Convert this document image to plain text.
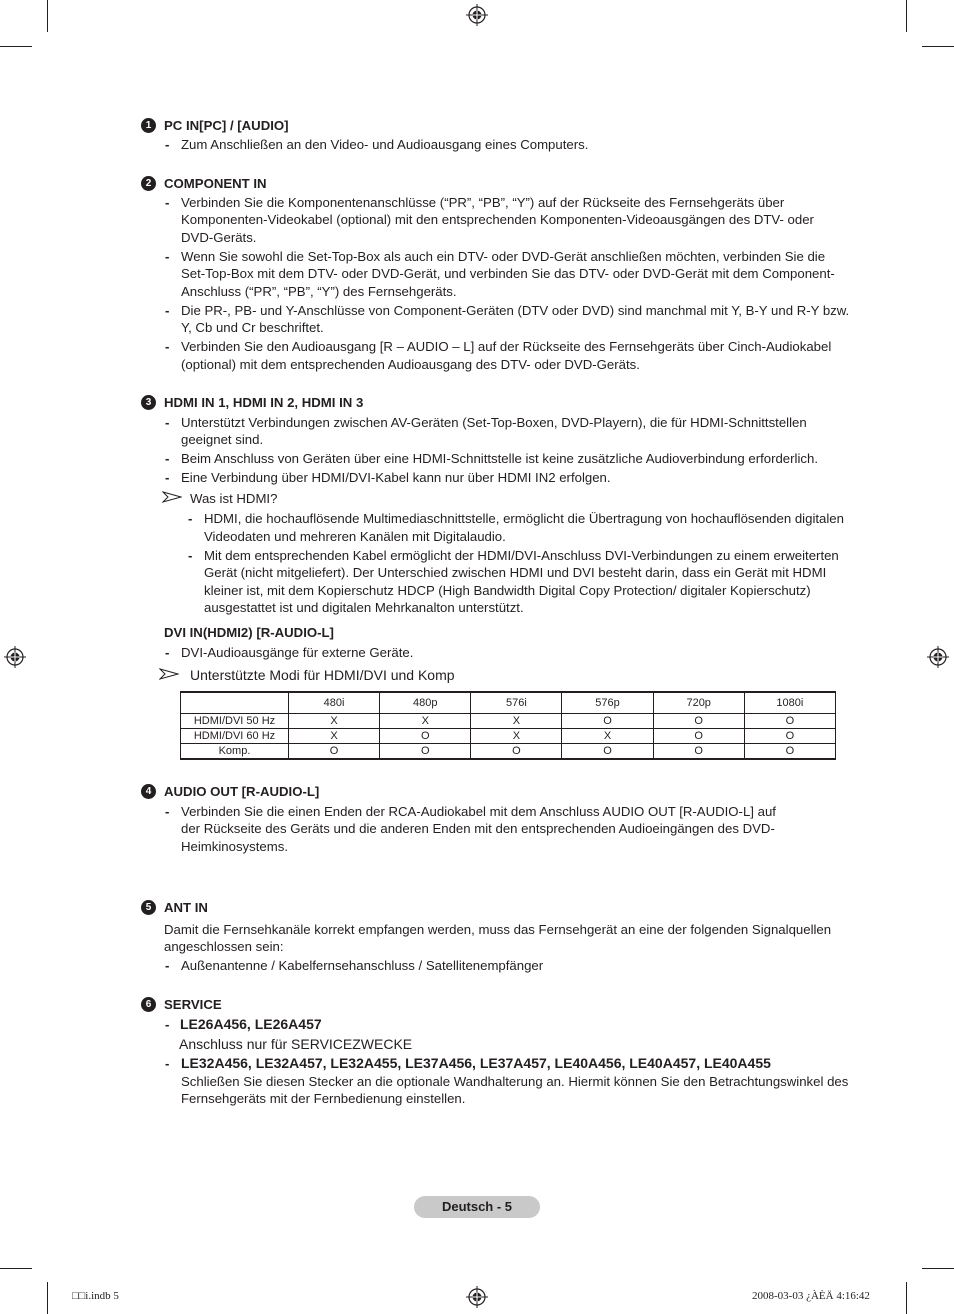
1 PC IN[PC] / [AUDIO]
- Zum Anschließen an den Video- und Audioausgang eines Computers.
2 COMPONENT IN
- Verbinden Sie die Komponentenanschlüsse (“PR”, “PB”, “Y”) auf der Rückseite des Fernsehgeräts über
Komponenten-Videokabel (optional) mit den entsprechenden Komponenten-Videoausgängen des DTV- oder
DVD-Geräts.
- Wenn Sie sowohl die Set-Top-Box als auch ein DTV- oder DVD-Gerät anschließen möchten, verbinden Sie die
Set-Top-Box mit dem DTV- oder DVD-Gerät, und verbinden Sie das DTV- oder DVD-Gerät mit dem Component-
Anschluss (“PR”, “PB”, “Y”) des Fernsehgeräts.
- Die PR-, PB- und Y-Anschlüsse von Component-Geräten (DTV oder DVD) sind manchmal mit Y, B-Y und R-Y bzw.
Y, Cb und Cr beschriftet.
- Verbinden Sie den Audioausgang [R – AUDIO – L] auf der Rückseite des Fernsehgeräts über Cinch-Audiokabel
(optional) mit dem entsprechenden Audioausgang des DTV- oder DVD-Geräts.
3 HDMI IN 1, HDMI IN 2, HDMI IN 3
- Unterstützt Verbindungen zwischen AV-Geräten (Set-Top-Boxen, DVD-Playern), die für HDMI-Schnittstellen
geeignet sind.
- Beim Anschluss von Geräten über eine HDMI-Schnittstelle ist keine zusätzliche Audioverbindung erforderlich.
- Eine Verbindung über HDMI/DVI-Kabel kann nur über HDMI IN2 erfolgen.
Was ist HDMI?
- HDMI, die hochauflösende Multimediaschnittstelle, ermöglicht die Übertragung von hochauflösenden digitalen
Videodaten und mehreren Kanälen mit Digitalaudio.
- Mit dem entsprechenden Kabel ermöglicht der HDMI/DVI-Anschluss DVI-Verbindungen zu einem erweiterten
Gerät (nicht mitgeliefert). Der Unterschied zwischen HDMI und DVI besteht darin, dass ein Gerät mit HDMI
kleiner ist, mit dem Kopierschutz HDCP (High Bandwidth Digital Copy Protection/ digitaler Kopierschutz)
ausgestattet ist und digitalen Mehrkanalton unterstützt.
DVI IN(HDMI2) [R-AUDIO-L]
- DVI-Audioausgänge für externe Geräte.
Unterstützte Modi für HDMI/DVI und Komp
	480i	480p	576i	576p	720p	1080i
HDMI/DVI 50 Hz	X	X	X	O	O	O
HDMI/DVI 60 Hz	X	O	X	X	O	O
Komp.	O	O	O	O	O	O
4 AUDIO OUT [R-AUDIO-L]
- Verbinden Sie die einen Enden der RCA-Audiokabel mit dem Anschluss AUDIO OUT [R-AUDIO-L] auf
der Rückseite des Geräts und die anderen Enden mit den entsprechenden Audioeingängen des DVD-
Heimkinosystems.
5 ANT IN
Damit die Fernsehkanäle korrekt empfangen werden, muss das Fernsehgerät an eine der folgenden Signalquellen
angeschlossen sein:
- Außenantenne / Kabelfernsehanschluss / Satellitenempfänger
6 SERVICE
- LE26A456, LE26A457
Anschluss nur für SERVICEZWECKE
- LE32A456, LE32A457, LE32A455, LE37A456, LE37A457, LE40A456, LE40A457, LE40A455
Schließen Sie diesen Stecker an die optionale Wandhalterung an. Hiermit können Sie den Betrachtungswinkel des
Fernsehgeräts mit der Fernbedienung einstellen.
Deutsch - 5
□□i.indb 5	2008-03-03 ¿ÀÈÄ 4:16:42
